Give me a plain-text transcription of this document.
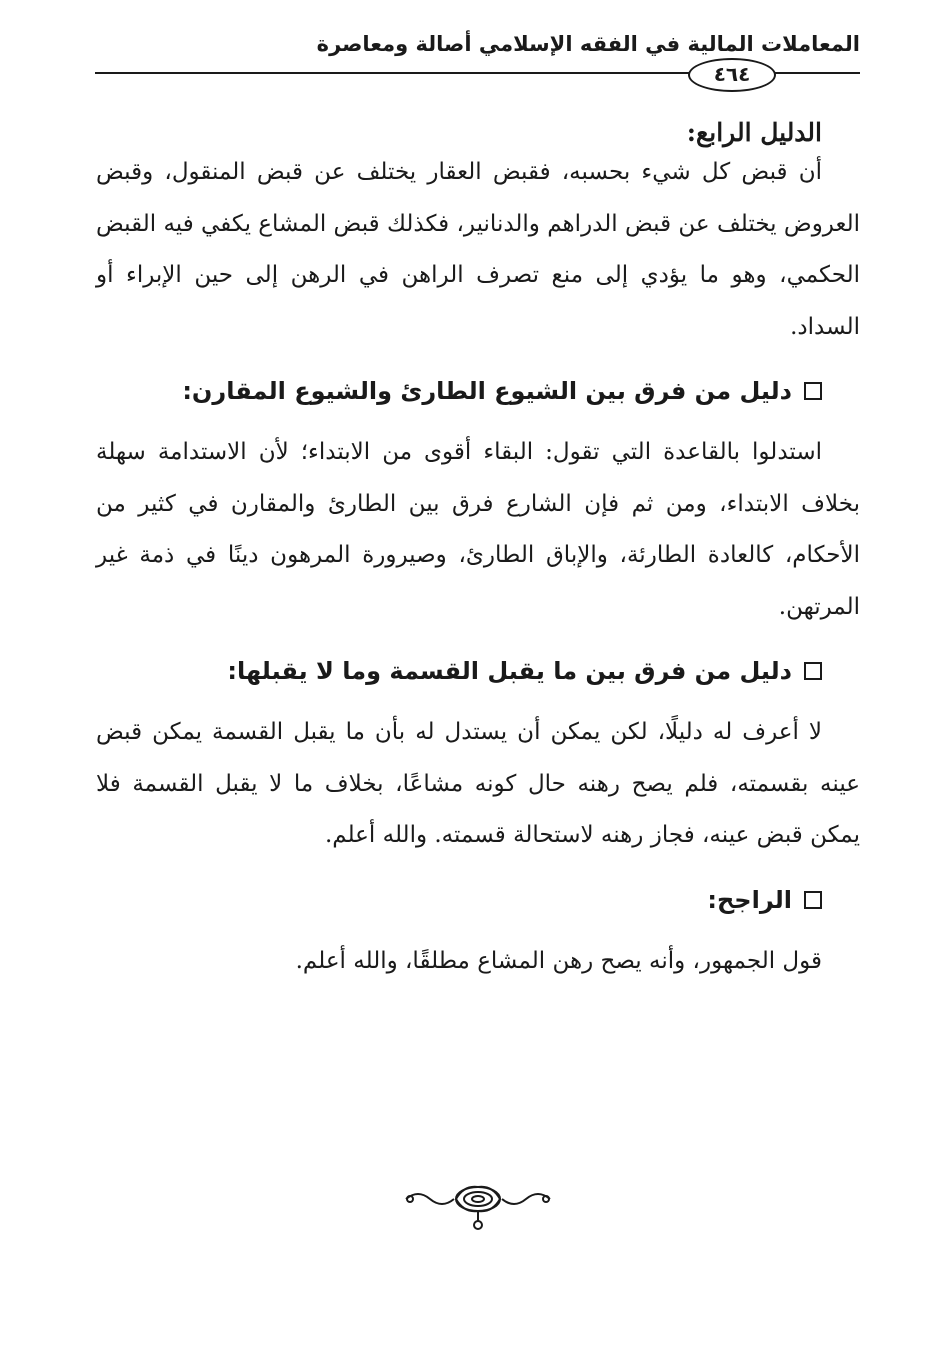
المعاملات المالية في الفقه الإسلامي أصالة ومعاصرة
٤٦٤
الدليل الرابع:

أن قبض كل شيء بحسبه، فقبض العقار يختلف عن قبض المنقول، وقبض العروض يختلف عن قبض الدراهم والدنانير، فكذلك قبض المشاع يكفي فيه القبض الحكمي، وهو ما يؤدي إلى منع تصرف الراهن في الرهن إلى حين الإبراء أو السداد.

دليل من فرق بين الشيوع الطارئ والشيوع المقارن:

استدلوا بالقاعدة التي تقول: البقاء أقوى من الابتداء؛ لأن الاستدامة سهلة بخلاف الابتداء، ومن ثم فإن الشارع فرق بين الطارئ والمقارن في كثير من الأحكام، كالعادة الطارئة، والإباق الطارئ، وصيرورة المرهون دينًا في ذمة غير المرتهن.

دليل من فرق بين ما يقبل القسمة وما لا يقبلها:

لا أعرف له دليلًا، لكن يمكن أن يستدل له بأن ما يقبل القسمة يمكن قبض عينه بقسمته، فلم يصح رهنه حال كونه مشاعًا، بخلاف ما لا يقبل القسمة فلا يمكن قبض عينه، فجاز رهنه لاستحالة قسمته. والله أعلم.

الراجح:

قول الجمهور، وأنه يصح رهن المشاع مطلقًا، والله أعلم.
